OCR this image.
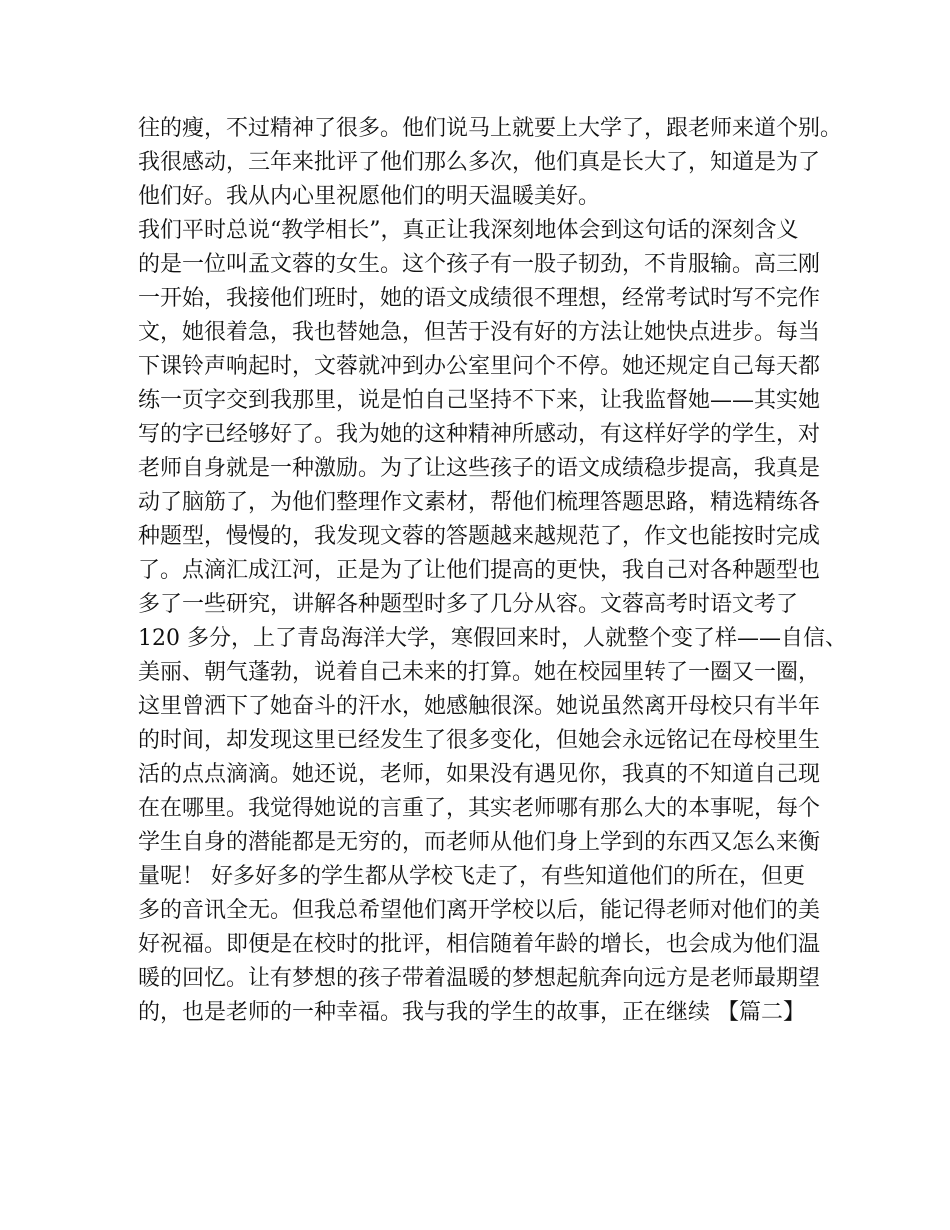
往的瘦，不过精神了很多。他们说马上就要上大学了，跟老师来道个别。
我很感动，三年来批评了他们那么多次，他们真是长大了，知道是为了
他们好。我从内心里祝愿他们的明天温暖美好。
我们平时总说“教学相长”，真正让我深刻地体会到这句话的深刻含义
的是一位叫孟文蓉的女生。这个孩子有一股子韧劲，不肯服输。高三刚
一开始，我接他们班时，她的语文成绩很不理想，经常考试时写不完作
文，她很着急，我也替她急，但苦于没有好的方法让她快点进步。每当
下课铃声响起时，文蓉就冲到办公室里问个不停。她还规定自己每天都
练一页字交到我那里，说是怕自己坚持不下来，让我监督她——其实她
写的字已经够好了。我为她的这种精神所感动，有这样好学的学生，对
老师自身就是一种激励。为了让这些孩子的语文成绩稳步提高，我真是
动了脑筋了，为他们整理作文素材，帮他们梳理答题思路，精选精练各
种题型，慢慢的，我发现文蓉的答题越来越规范了，作文也能按时完成
了。点滴汇成江河，正是为了让他们提高的更快，我自己对各种题型也
多了一些研究，讲解各种题型时多了几分从容。文蓉高考时语文考了
120 多分，上了青岛海洋大学，寒假回来时，人就整个变了样——自信、
美丽、朝气蓬勃，说着自己未来的打算。她在校园里转了一圈又一圈，
这里曾洒下了她奋斗的汗水，她感触很深。她说虽然离开母校只有半年
的时间，却发现这里已经发生了很多变化，但她会永远铭记在母校里生
活的点点滴滴。她还说，老师，如果没有遇见你，我真的不知道自己现
在在哪里。我觉得她说的言重了，其实老师哪有那么大的本事呢，每个
学生自身的潜能都是无穷的，而老师从他们身上学到的东西又怎么来衡
量呢！ 好多好多的学生都从学校飞走了，有些知道他们的所在，但更
多的音讯全无。但我总希望他们离开学校以后，能记得老师对他们的美
好祝福。即便是在校时的批评，相信随着年龄的增长，也会成为他们温
暖的回忆。让有梦想的孩子带着温暖的梦想起航奔向远方是老师最期望
的，也是老师的一种幸福。我与我的学生的故事，正在继续 【篇二】
